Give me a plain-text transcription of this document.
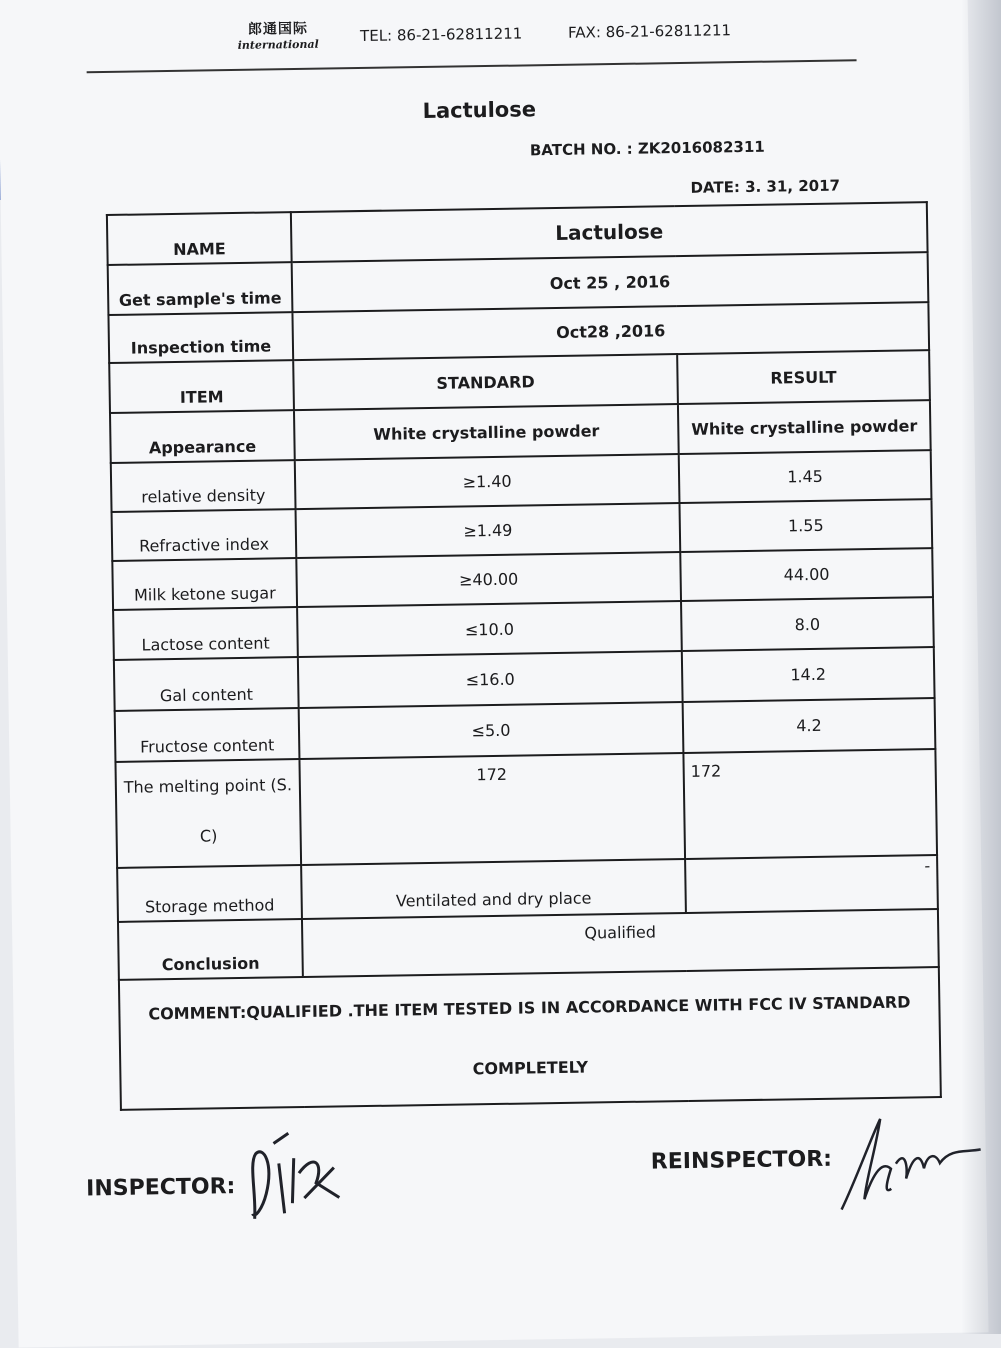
郎通国际
international	TEL: 86-21-62811211	FAX: 86-21-62811211
Lactulose
BATCH NO. : ZK2016082311
DATE: 3. 31, 2017
NAME	Lactulose	
Get sample's time	Oct 25 , 2016	
Inspection time	Oct28 ,2016	
ITEM	STANDARD	RESULT
Appearance	White crystalline powder	White crystalline powder
relative density	≥1.40	1.45
Refractive index	≥1.49	1.55
Milk ketone sugar	≥40.00	44.00
Lactose content	≤10.0	8.0
Gal content	≤16.0	14.2
Fructose content	≤5.0	4.2
The melting point (S.
C)	172	172
Storage method	Ventilated and dry place	-
Conclusion	Qualified	
COMMENT:QUALIFIED .THE ITEM TESTED IS IN ACCORDANCE WITH FCC IV STANDARD
COMPLETELY		
INSPECTOR:
REINSPECTOR:
